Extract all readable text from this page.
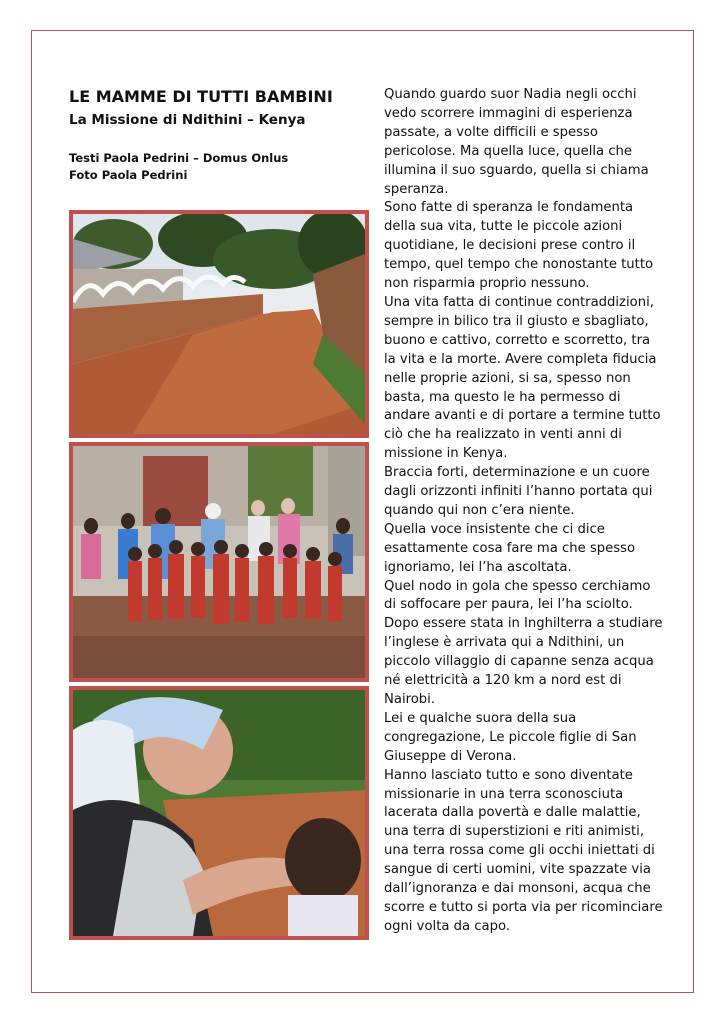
LE MAMME DI TUTTI BAMBINI
La Missione di Ndithini – Kenya
Testi Paola Pedrini – Domus Onlus
Foto Paola Pedrini

Quando guardo suor Nadia negli occhi vedo scorrere immagini di esperienza passate, a volte difficili e spesso pericolose. Ma quella luce, quella che illumina il suo sguardo, quella si chiama speranza.

Sono fatte di speranza le fondamenta della sua vita, tutte le piccole azioni quotidiane, le decisioni prese contro il tempo, quel tempo che nonostante tutto non risparmia proprio nessuno.

Una vita fatta di continue contraddizioni, sempre in bilico tra il giusto e sbagliato, buono e cattivo, corretto e scorretto, tra la vita e la morte. Avere completa fiducia nelle proprie azioni, si sa, spesso non basta, ma questo le ha permesso di andare avanti e di portare a termine tutto ciò che ha realizzato in venti anni di missione in Kenya.

Braccia forti, determinazione e un cuore dagli orizzonti infiniti l’hanno portata qui quando qui non c’era niente.

Quella voce insistente che ci dice esattamente cosa fare ma che spesso ignoriamo, lei l’ha ascoltata.

Quel nodo in gola che spesso cerchiamo di soffocare per paura, lei l’ha sciolto.

Dopo essere stata in Inghilterra a studiare l’inglese è arrivata qui a Ndithini, un piccolo villaggio di capanne senza acqua né elettricità a 120 km a nord est di Nairobi.

Lei e qualche suora della sua congregazione, Le piccole figlie di San Giuseppe di Verona.

Hanno lasciato tutto e sono diventate missionarie in una terra sconosciuta lacerata dalla povertà e dalle malattie, una terra di superstizioni e riti animisti, una terra rossa come gli occhi iniettati di sangue di certi uomini, vite spazzate via dall’ignoranza e dai monsoni, acqua che scorre e tutto si porta via per ricominciare ogni volta da capo.
